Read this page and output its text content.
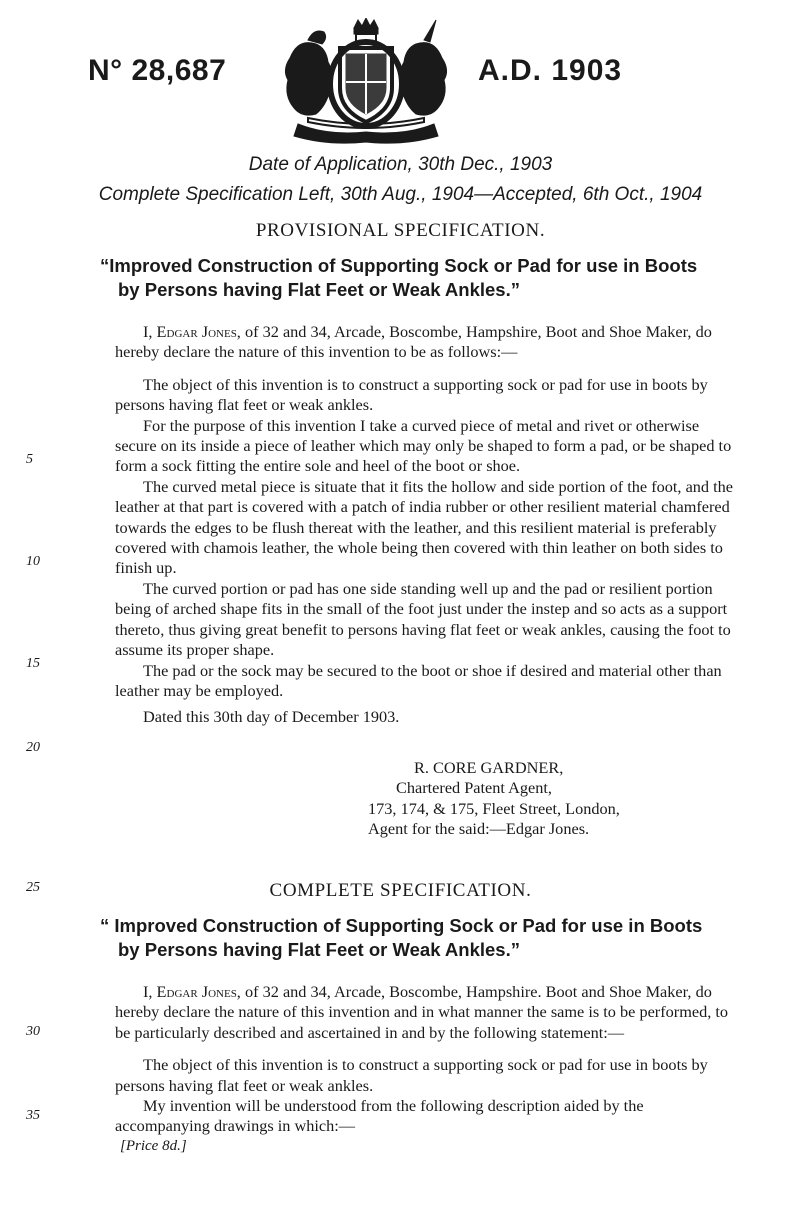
N° 28,687	A.D. 1903
Date of Application, 30th Dec., 1903
Complete Specification Left, 30th Aug., 1904—Accepted, 6th Oct., 1904
PROVISIONAL SPECIFICATION.
“Improved Construction of Supporting Sock or Pad for use in Boots
by Persons having Flat Feet or Weak Ankles.”

I, Edgar Jones, of 32 and 34, Arcade, Boscombe, Hampshire, Boot and Shoe Maker, do hereby declare the nature of this invention to be as follows:—

The object of this invention is to construct a supporting sock or pad for use in boots by persons having flat feet or weak ankles.

For the purpose of this invention I take a curved piece of metal and rivet or otherwise secure on its inside a piece of leather which may only be shaped to form a pad, or be shaped to form a sock fitting the entire sole and heel of the boot or shoe.

The curved metal piece is situate that it fits the hollow and side portion of the foot, and the leather at that part is covered with a patch of india rubber or other resilient material chamfered towards the edges to be flush thereat with the leather, and this resilient material is preferably covered with chamois leather, the whole being then covered with thin leather on both sides to finish up.

The curved portion or pad has one side standing well up and the pad or resilient portion being of arched shape fits in the small of the foot just under the instep and so acts as a support thereto, thus giving great benefit to persons having flat feet or weak ankles, causing the foot to assume its proper shape.

The pad or the sock may be secured to the boot or shoe if desired and material other than leather may be employed.

Dated this 30th day of December 1903.

R. CORE GARDNER,
Chartered Patent Agent,
173, 174, & 175, Fleet Street, London,
Agent for the said:—Edgar Jones.
COMPLETE SPECIFICATION.
“ Improved Construction of Supporting Sock or Pad for use in Boots
by Persons having Flat Feet or Weak Ankles.”

I, Edgar Jones, of 32 and 34, Arcade, Boscombe, Hampshire. Boot and Shoe Maker, do hereby declare the nature of this invention and in what manner the same is to be performed, to be particularly described and ascertained in and by the following statement:—

The object of this invention is to construct a supporting sock or pad for use in boots by persons having flat feet or weak ankles.

My invention will be understood from the following description aided by the accompanying drawings in which:—

5
10
15
20
25
30
35
[Price 8d.]
